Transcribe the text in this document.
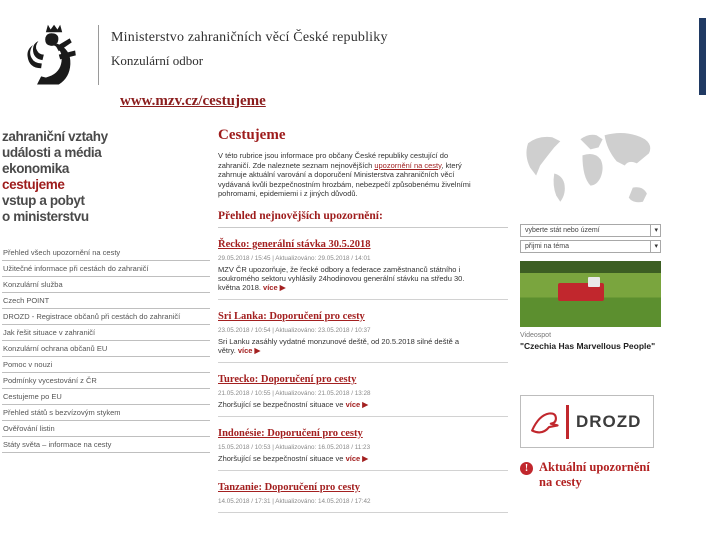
Ministerstvo zahraničních věcí České republiky
Konzulární odbor
www.mzv.cz/cestujeme
zahraniční vztahy
události a média
ekonomika
cestujeme
vstup a pobyt
o ministerstvu
Přehled všech upozornění na cesty
Užitečné informace při cestách do zahraničí
Konzulární služba
Czech POINT
DROZD - Registrace občanů při cestách do zahraničí
Jak řešit situace v zahraničí
Konzulární ochrana občanů EU
Pomoc v nouzi
Podmínky vycestování z ČR
Cestujeme po EU
Přehled států s bezvízovým stykem
Ověřování listin
Státy světa – informace na cesty
Cestujeme

V této rubrice jsou informace pro občany České republiky cestující do zahraničí. Zde naleznete seznam nejnovějších upozornění na cesty, který zahrnuje aktuální varování a doporučení Ministerstva zahraničních věcí vydávaná kvůli bezpečnostním hrozbám, nebezpečí způsobenému živelními pohromami, epidemiemi i z jiných důvodů.

Přehled nejnovějších upozornění:
Řecko: generální stávka 30.5.2018
29.05.2018 / 15:45 | Aktualizováno: 29.05.2018 / 14:01
MZV ČR upozorňuje, že řecké odbory a federace zaměstnanců státního i soukromého sektoru vyhlásily 24hodinovou generální stávku na středu 30. května 2018. více ▶
Sri Lanka: Doporučení pro cesty
23.05.2018 / 10:54 | Aktualizováno: 23.05.2018 / 10:37
Sri Lanku zasáhly vydatné monzunové deště, od 20.5.2018 silné deště a větry. více ▶
Turecko: Doporučení pro cesty
21.05.2018 / 10:55 | Aktualizováno: 21.05.2018 / 13:28
Zhoršující se bezpečnostní situace ve více ▶
Indonésie: Doporučení pro cesty
15.05.2018 / 10:53 | Aktualizováno: 16.05.2018 / 11:23
Zhoršující se bezpečnostní situace ve více ▶
Tanzanie: Doporučení pro cesty
14.05.2018 / 17:31 | Aktualizováno: 14.05.2018 / 17:42
vyberte stát nebo území	▾
přijmi na téma	▾
Videospot
"Czechia Has Marvellous People"
DROZD
! Aktuální upozornění na cesty
